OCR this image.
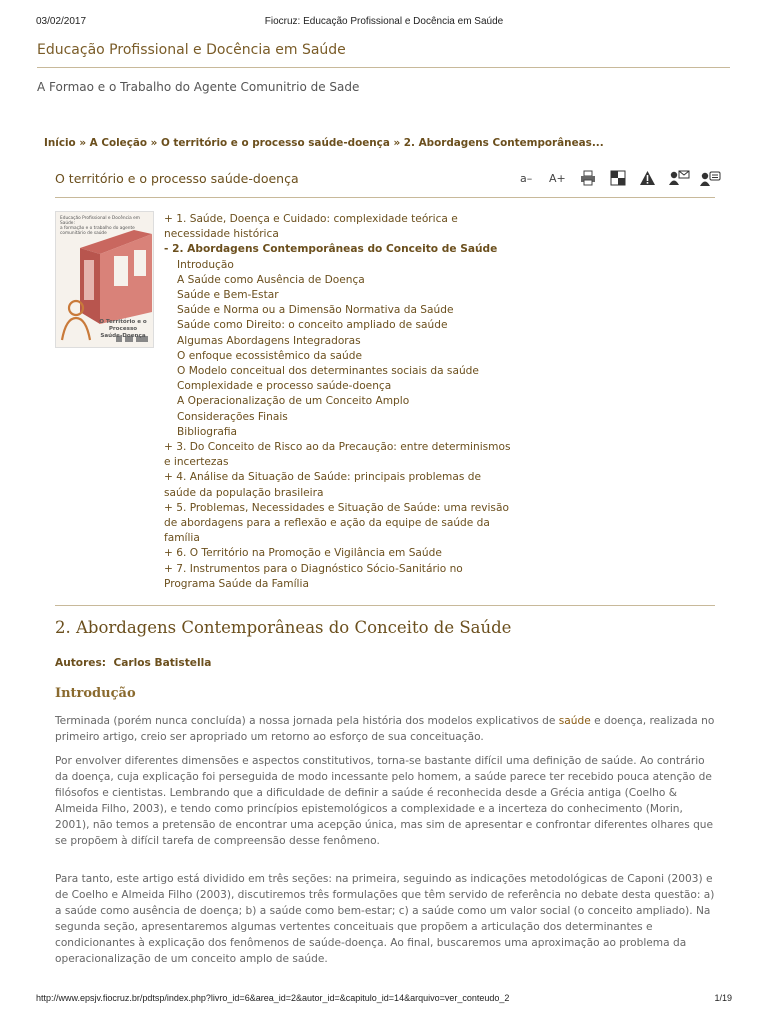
03/02/2017	Fiocruz: Educação Profissional e Docência em Saúde
Educação Profissional e Docência em Saúde
A Formao e o Trabalho do Agente Comunitrio de Sade
Início » A Coleção » O território e o processo saúde-doença » 2. Abordagens Contemporâneas...
O território e o processo saúde-doença	a– A+
Educação Profissional e Docência em Saúde:
a formação e o trabalho do agente
comunitário de saúde
O Território e o Processo
Saúde-Doença
+ 1. Saúde, Doença e Cuidado: complexidade teórica e necessidade histórica
- 2. Abordagens Contemporâneas do Conceito de Saúde
Introdução
A Saúde como Ausência de Doença
Saúde e Bem-Estar
Saúde e Norma ou a Dimensão Normativa da Saúde
Saúde como Direito: o conceito ampliado de saúde
Algumas Abordagens Integradoras
O enfoque ecossistêmico da saúde
O Modelo conceitual dos determinantes sociais da saúde
Complexidade e processo saúde-doença
A Operacionalização de um Conceito Amplo
Considerações Finais
Bibliografia
+ 3. Do Conceito de Risco ao da Precaução: entre determinismos e incertezas
+ 4. Análise da Situação de Saúde: principais problemas de saúde da população brasileira
+ 5. Problemas, Necessidades e Situação de Saúde: uma revisão de abordagens para a reflexão e ação da equipe de saúde da família
+ 6. O Território na Promoção e Vigilância em Saúde
+ 7. Instrumentos para o Diagnóstico Sócio-Sanitário no Programa Saúde da Família
2. Abordagens Contemporâneas do Conceito de Saúde
Autores: Carlos Batistella
Introdução
Terminada (porém nunca concluída) a nossa jornada pela história dos modelos explicativos de saúde e doença, realizada no primeiro artigo, creio ser apropriado um retorno ao esforço de sua conceituação.
Por envolver diferentes dimensões e aspectos constitutivos, torna-se bastante difícil uma definição de saúde. Ao contrário da doença, cuja explicação foi perseguida de modo incessante pelo homem, a saúde parece ter recebido pouca atenção de filósofos e cientistas. Lembrando que a dificuldade de definir a saúde é reconhecida desde a Grécia antiga (Coelho & Almeida Filho, 2003), e tendo como princípios epistemológicos a complexidade e a incerteza do conhecimento (Morin, 2001), não temos a pretensão de encontrar uma acepção única, mas sim de apresentar e confrontar diferentes olhares que se propõem à difícil tarefa de compreensão desse fenômeno.
Para tanto, este artigo está dividido em três seções: na primeira, seguindo as indicações metodológicas de Caponi (2003) e de Coelho e Almeida Filho (2003), discutiremos três formulações que têm servido de referência no debate desta questão: a) a saúde como ausência de doença; b) a saúde como bem-estar; c) a saúde como um valor social (o conceito ampliado). Na segunda seção, apresentaremos algumas vertentes conceituais que propõem a articulação dos determinantes e condicionantes à explicação dos fenômenos de saúde-doença. Ao final, buscaremos uma aproximação ao problema da operacionalização de um conceito amplo de saúde.
http://www.epsjv.fiocruz.br/pdtsp/index.php?livro_id=6&area_id=2&autor_id=&capitulo_id=14&arquivo=ver_conteudo_2	1/19
